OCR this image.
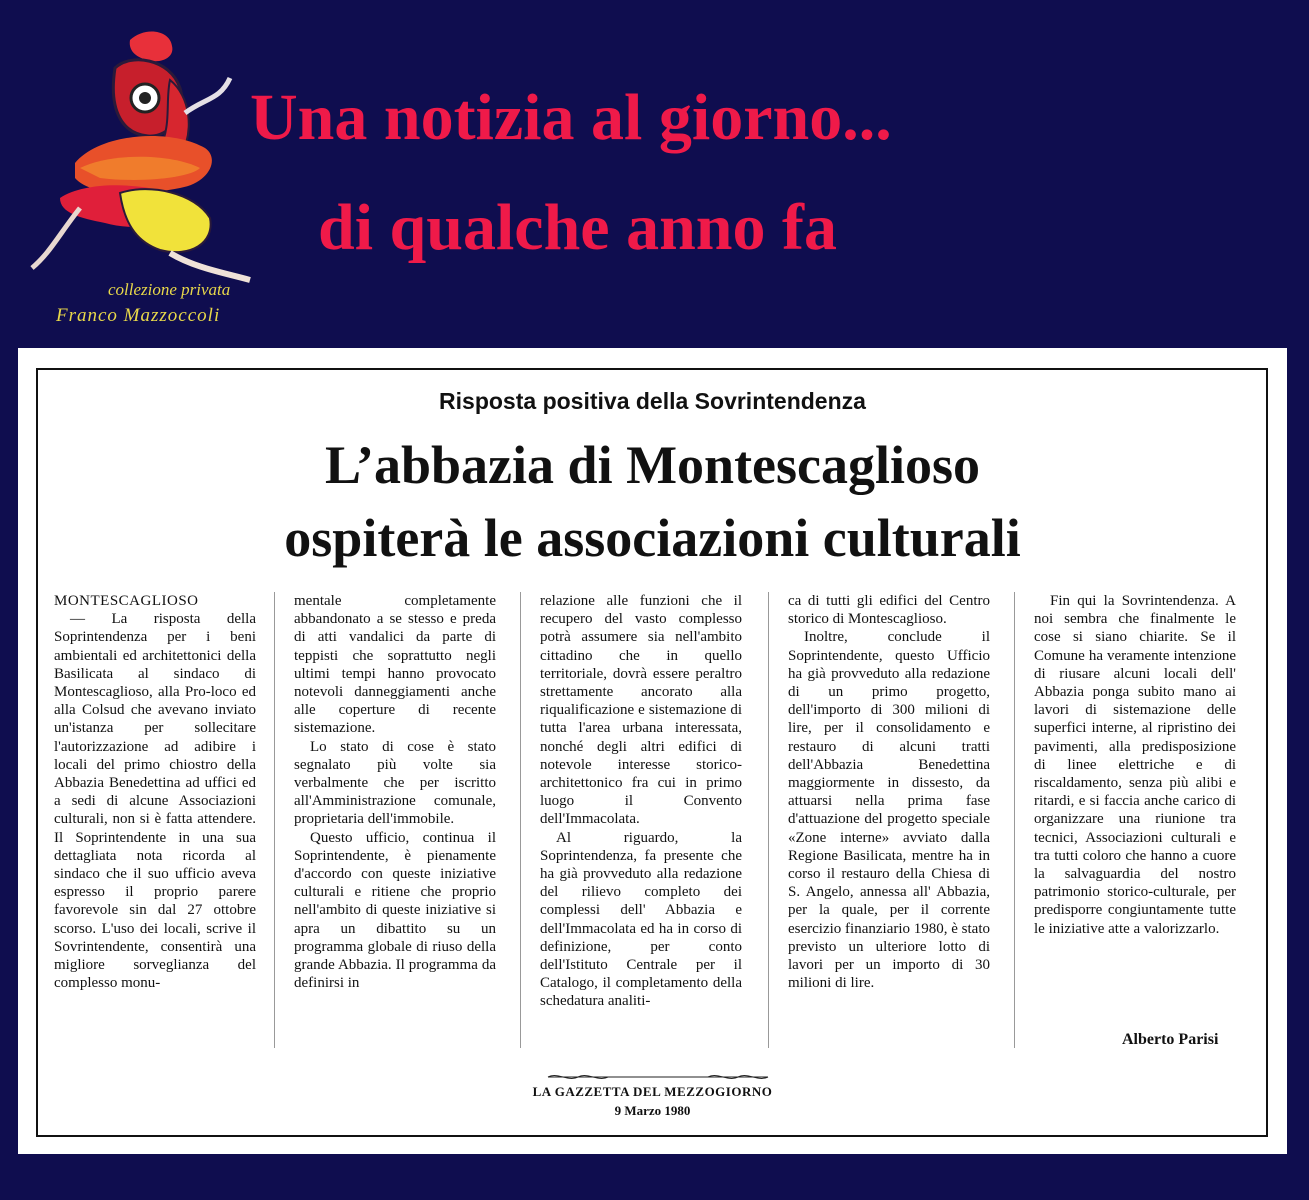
collezione privata
Franco Mazzoccoli
Una notizia al giorno...
di qualche anno fa
Risposta positiva della Sovrintendenza
L’abbazia di Montescaglioso
ospiterà le associazioni culturali

MONTESCAGLIOSO

— La risposta della Soprintendenza per i beni ambientali ed architettonici della Basilicata al sindaco di Montescaglioso, alla Pro-loco ed alla Colsud che avevano inviato un'istanza per sollecitare l'autorizzazione ad adibire i locali del primo chiostro della Abbazia Benedettina ad uffici ed a sedi di alcune Associazioni culturali, non si è fatta attendere. Il Soprintendente in una sua dettagliata nota ricorda al sindaco che il suo ufficio aveva espresso il proprio parere favorevole sin dal 27 ottobre scorso. L'uso dei locali, scrive il Sovrintendente, consentirà una migliore sorveglianza del complesso monu-

mentale completamente abbandonato a se stesso e preda di atti vandalici da parte di teppisti che soprattutto negli ultimi tempi hanno provocato notevoli danneggiamenti anche alle coperture di recente sistemazione.

Lo stato di cose è stato segnalato più volte sia verbalmente che per iscritto all'Amministrazione comunale, proprietaria dell'immobile.

Questo ufficio, continua il Soprintendente, è pienamente d'accordo con queste iniziative culturali e ritiene che proprio nell'ambito di queste iniziative si apra un dibattito su un programma globale di riuso della grande Abbazia. Il programma da definirsi in

relazione alle funzioni che il recupero del vasto complesso potrà assumere sia nell'ambito cittadino che in quello territoriale, dovrà essere peraltro strettamente ancorato alla riqualificazione e sistemazione di tutta l'area urbana interessata, nonché degli altri edifici di notevole interesse storico-architettonico fra cui in primo luogo il Convento dell'Immacolata.

Al riguardo, la Soprintendenza, fa presente che ha già provveduto alla redazione del rilievo completo dei complessi dell' Abbazia e dell'Immacolata ed ha in corso di definizione, per conto dell'Istituto Centrale per il Catalogo, il completamento della schedatura analiti-

ca di tutti gli edifici del Centro storico di Montescaglioso.

Inoltre, conclude il Soprintendente, questo Ufficio ha già provveduto alla redazione di un primo progetto, dell'importo di 300 milioni di lire, per il consolidamento e restauro di alcuni tratti dell'Abbazia Benedettina maggiormente in dissesto, da attuarsi nella prima fase d'attuazione del progetto speciale «Zone interne» avviato dalla Regione Basilicata, mentre ha in corso il restauro della Chiesa di S. Angelo, annessa all' Abbazia, per la quale, per il corrente esercizio finanziario 1980, è stato previsto un ulteriore lotto di lavori per un importo di 30 milioni di lire.

Fin qui la Sovrintendenza. A noi sembra che finalmente le cose si siano chiarite. Se il Comune ha veramente intenzione di riusare alcuni locali dell' Abbazia ponga subito mano ai lavori di sistemazione delle superfici interne, al ripristino dei pavimenti, alla predisposizione di linee elettriche e di riscaldamento, senza più alibi e ritardi, e si faccia anche carico di organizzare una riunione tra tecnici, Associazioni culturali e tra tutti coloro che hanno a cuore la salvaguardia del nostro patrimonio storico-culturale, per predisporre congiuntamente tutte le iniziative atte a valorizzarlo.

Alberto Parisi
LA GAZZETTA DEL MEZZOGIORNO
9 Marzo 1980
